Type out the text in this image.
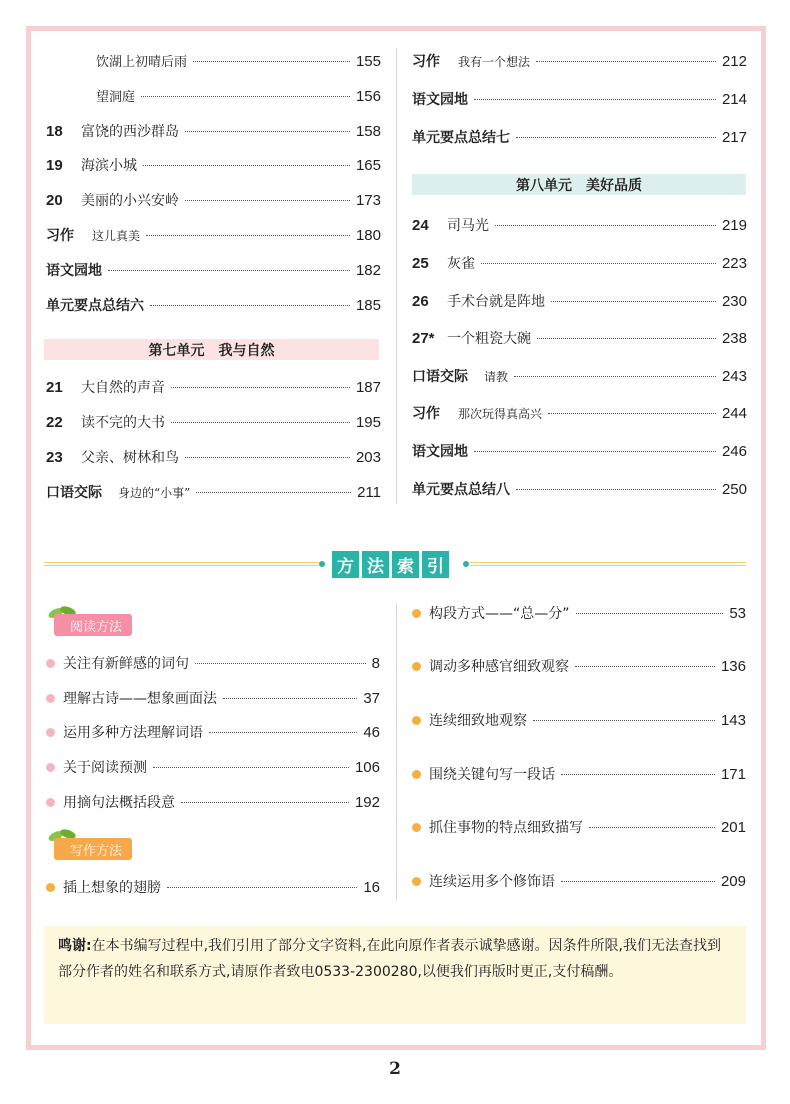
饮湖上初晴后雨	155
望洞庭	156
18	富饶的西沙群岛	158
19	海滨小城	165
20	美丽的小兴安岭	173
习作 这儿真美	180
语文园地	182
单元要点总结六	185
第七单元　我与自然
21	大自然的声音	187
22	读不完的大书	195
23	父亲、树林和鸟	203
口语交际 身边的“小事”	211
习作 我有一个想法	212
语文园地	214
单元要点总结七	217
第八单元　美好品质
24	司马光	219
25	灰雀	223
26	手术台就是阵地	230
27* 一个粗瓷大碗	238
口语交际 请教	243
习作 那次玩得真高兴	244
语文园地	246
单元要点总结八	250
方 法 索 引
阅读方法
关注有新鲜感的词句	8
理解古诗——想象画面法	37
运用多种方法理解词语	46
关于阅读预测	106
用摘句法概括段意	192
写作方法
插上想象的翅膀	16
构段方式——“总—分”	53
调动多种感官细致观察	136
连续细致地观察	143
围绕关键句写一段话	171
抓住事物的特点细致描写	201
连续运用多个修饰语	209
鸣谢:在本书编写过程中,我们引用了部分文字资料,在此向原作者表示诚挚感谢。因条件所限,我们无法查找到部分作者的姓名和联系方式,请原作者致电0533-2300280,以便我们再版时更正,支付稿酬。
2
